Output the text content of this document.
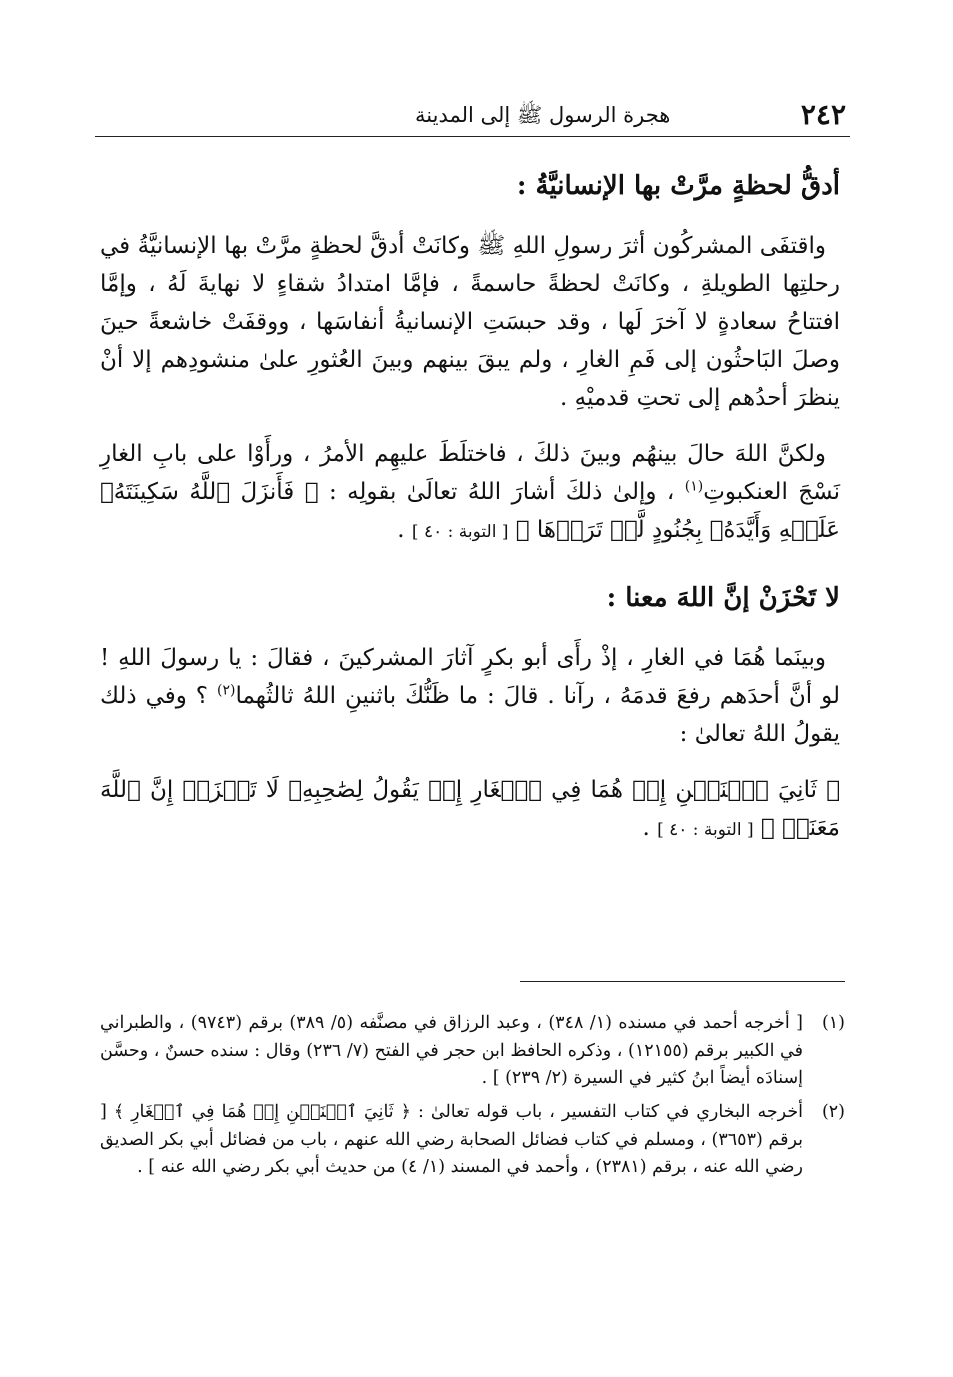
٢٤٢
هجرة الرسول ﷺ إلى المدينة
أدقُّ لحظةٍ مرَّتْ بها الإنسانيَّةُ :

واقتفَى المشركُون أثرَ رسولِ اللهِ ﷺ وكانَتْ أدقَّ لحظةٍ مرَّتْ بها الإنسانيَّةُ في رحلتِها الطويلةِ ، وكانَتْ لحظةً حاسمةً ، فإمَّا امتدادُ شقاءٍ لا نهايةَ لَهُ ، وإمَّا افتتاحُ سعادةٍ لا آخرَ لَها ، وقد حبسَتِ الإنسانيةُ أنفاسَها ، ووقفَتْ خاشعةً حينَ وصلَ البَاحثُون إلى فَمِ الغارِ ، ولم يبقَ بينهم وبينَ العُثورِ علىٰ منشودِهم إلا أنْ ينظرَ أحدُهم إلى تحتِ قدميْهِ .

ولكنَّ اللهَ حالَ بينهُم وبينَ ذلكَ ، فاختلَطَ عليهِم الأمرُ ، ورأَوْا على بابِ الغارِ نَسْجَ العنكبوتِ$^{(١)}$ ، وإلىٰ ذلكَ أشارَ اللهُ تعالَىٰ بقولِه : ﴿ فَأَنزَلَ ٱللَّهُ سَكِينَتَهُۥ عَلَيۡهِ وَأَيَّدَهُۥ بِجُنُودٍ لَّمۡ تَرَوۡهَا ﴾ [ التوبة : ٤٠ ] .

لا تَحْزَنْ إنَّ اللهَ معنا :

وبينَما هُمَا في الغارِ ، إذْ رأَى أبو بكرٍ آثارَ المشركينَ ، فقالَ : يا رسولَ اللهِ ! لو أنَّ أحدَهم رفعَ قدمَهُ ، رآنا . قالَ : ما ظَنُّكَ باثنينِ اللهُ ثالثُهما$^{(٢)}$ ؟ وفي ذلك يقولُ اللهُ تعالىٰ :

﴿ ثَانِيَ ٱثۡنَيۡنِ إِذۡ هُمَا فِي ٱلۡغَارِ إِذۡ يَقُولُ لِصَٰحِبِهِۦ لَا تَحۡزَنۡ إِنَّ ٱللَّهَ مَعَنَاۖ ﴾ [ التوبة : ٤٠ ] .

(١)
[ أخرجه أحمد في مسنده (١/ ٣٤٨) ، وعبد الرزاق في مصنَّفه (٥/ ٣٨٩) برقم (٩٧٤٣) ، والطبراني في الكبير برقم (١٢١٥٥) ، وذكره الحافظ ابن حجر في الفتح (٧/ ٢٣٦) وقال : سنده حسنٌ ، وحسَّن إسنادَه أيضاً ابنُ كثير في السيرة (٢/ ٢٣٩) ] .
(٢)
أخرجه البخاري في كتاب التفسير ، باب قوله تعالىٰ : ﴿ ثَانِيَ ٱثۡنَيۡنِ إِذۡ هُمَا فِي ٱلۡغَارِ ﴾ [ برقم (٣٦٥٣) ، ومسلم في كتاب فضائل الصحابة رضي الله عنهم ، باب من فضائل أبي بكر الصديق رضي الله عنه ، برقم (٢٣٨١) ، وأحمد في المسند (١/ ٤) من حديث أبي بكر رضي الله عنه ] .
